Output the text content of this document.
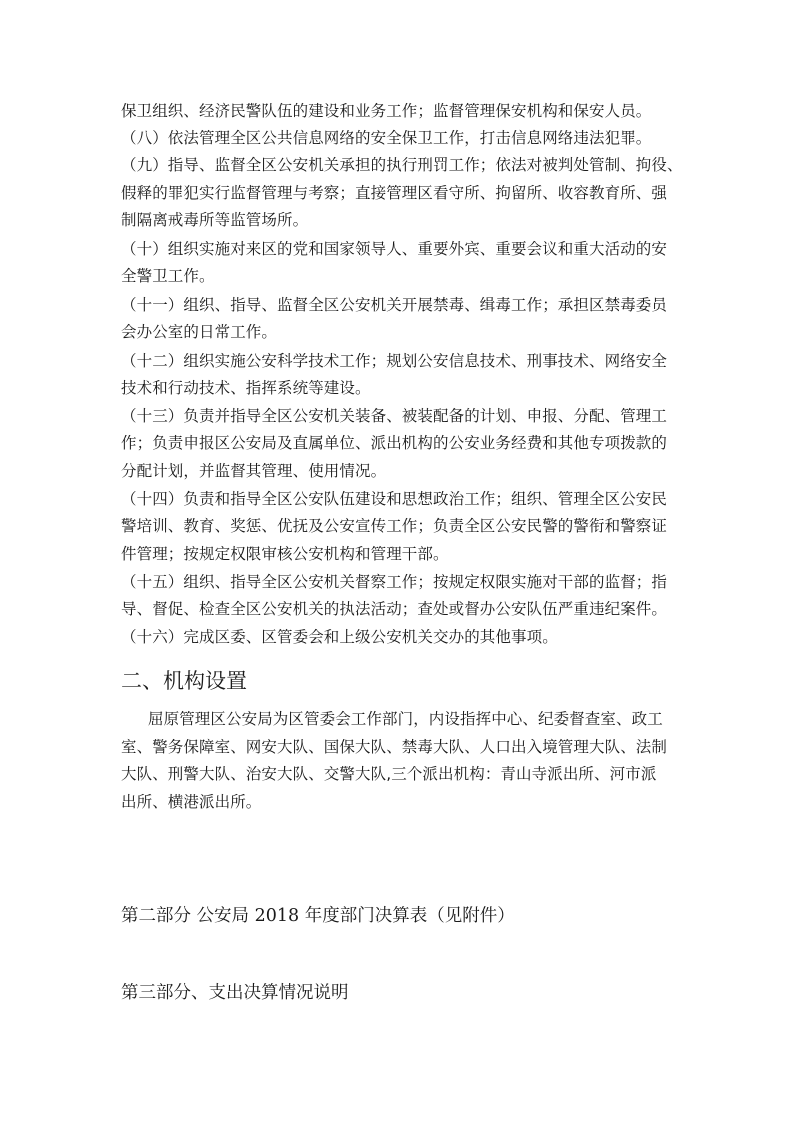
保卫组织、经济民警队伍的建设和业务工作；监督管理保安机构和保安人员。
（八）依法管理全区公共信息网络的安全保卫工作，打击信息网络违法犯罪。
（九）指导、监督全区公安机关承担的执行刑罚工作；依法对被判处管制、拘役、
假释的罪犯实行监督管理与考察；直接管理区看守所、拘留所、收容教育所、强
制隔离戒毒所等监管场所。
（十）组织实施对来区的党和国家领导人、重要外宾、重要会议和重大活动的安
全警卫工作。
（十一）组织、指导、监督全区公安机关开展禁毒、缉毒工作；承担区禁毒委员
会办公室的日常工作。
（十二）组织实施公安科学技术工作；规划公安信息技术、刑事技术、网络安全
技术和行动技术、指挥系统等建设。
（十三）负责并指导全区公安机关装备、被装配备的计划、申报、分配、管理工
作；负责申报区公安局及直属单位、派出机构的公安业务经费和其他专项拨款的
分配计划，并监督其管理、使用情况。
（十四）负责和指导全区公安队伍建设和思想政治工作；组织、管理全区公安民
警培训、教育、奖惩、优抚及公安宣传工作；负责全区公安民警的警衔和警察证
件管理；按规定权限审核公安机构和管理干部。
（十五）组织、指导全区公安机关督察工作；按规定权限实施对干部的监督；指
导、督促、检查全区公安机关的执法活动；查处或督办公安队伍严重违纪案件。
（十六）完成区委、区管委会和上级公安机关交办的其他事项。
二、机构设置
屈原管理区公安局为区管委会工作部门，内设指挥中心、纪委督查室、政工
室、警务保障室、网安大队、国保大队、禁毒大队、人口出入境管理大队、法制
大队、刑警大队、治安大队、交警大队,三个派出机构：青山寺派出所、河市派
出所、横港派出所。
第二部分 公安局 2018 年度部门决算表（见附件）
第三部分、支出决算情况说明
